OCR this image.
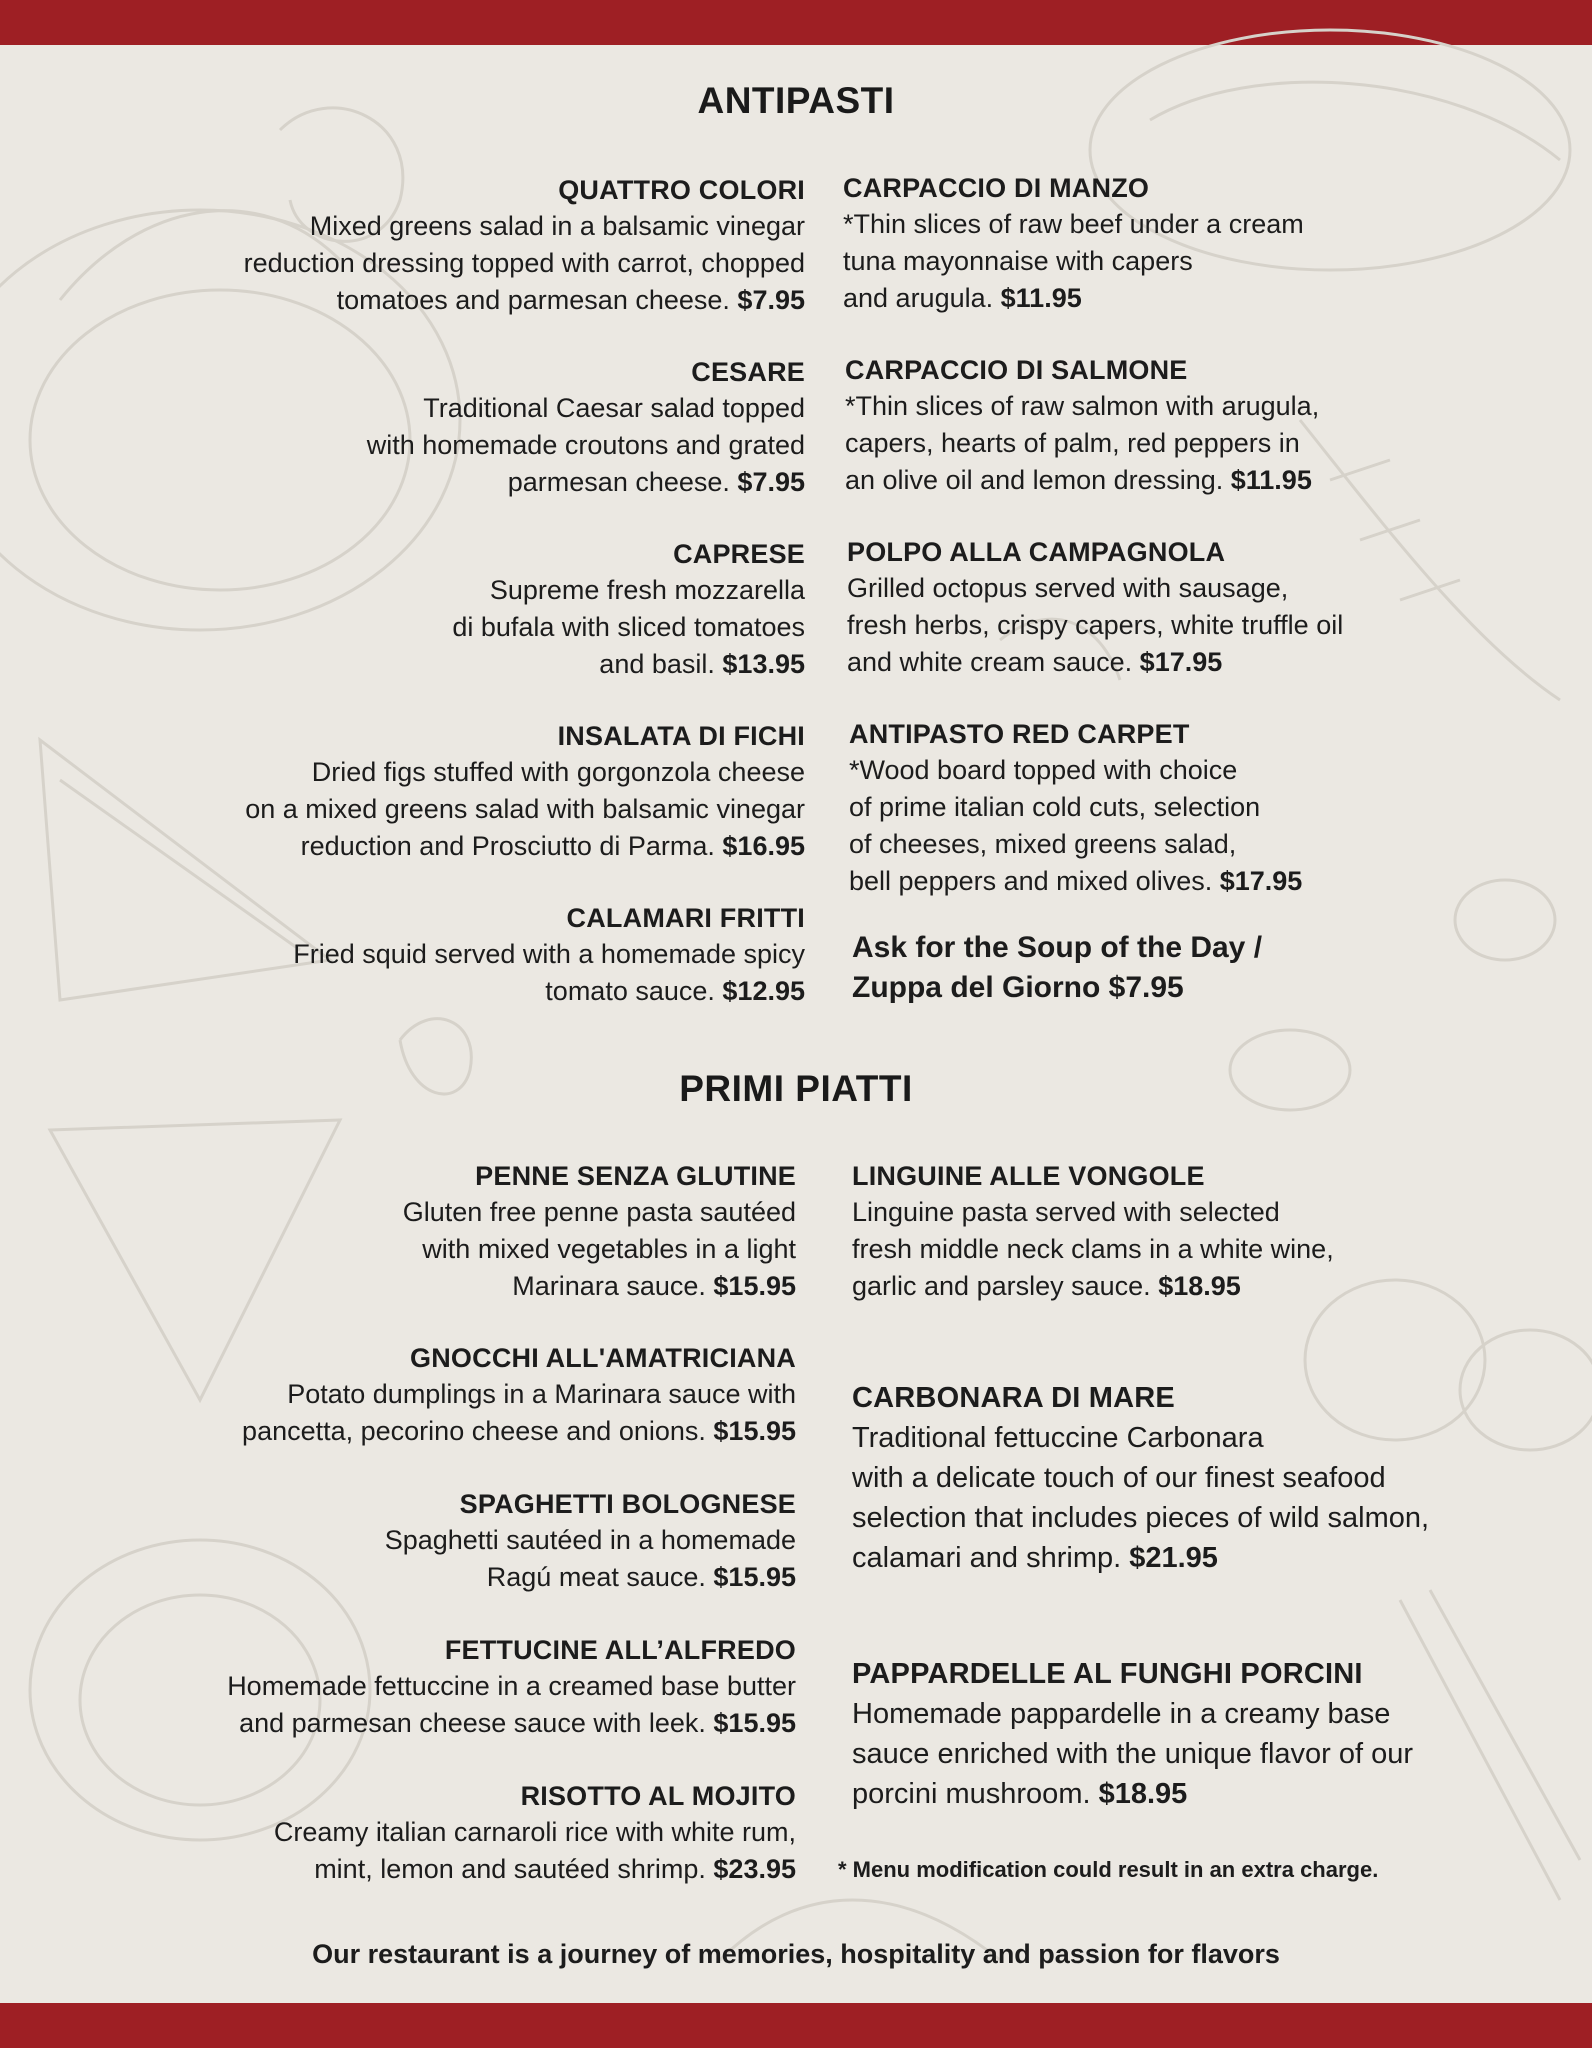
ANTIPASTI
QUATTRO COLORI
Mixed greens salad in a balsamic vinegar
reduction dressing topped with carrot, chopped
tomatoes and parmesan cheese. $7.95
CESARE
Traditional Caesar salad topped
with homemade croutons and grated
parmesan cheese. $7.95
CAPRESE
Supreme fresh mozzarella
di bufala with sliced tomatoes
and basil. $13.95
INSALATA DI FICHI
Dried figs stuffed with gorgonzola cheese
on a mixed greens salad with balsamic vinegar
reduction and Prosciutto di Parma. $16.95
CALAMARI FRITTI
Fried squid served with a homemade spicy
tomato sauce. $12.95
CARPACCIO DI MANZO
*Thin slices of raw beef under a cream
tuna mayonnaise with capers
and arugula. $11.95
CARPACCIO DI SALMONE
*Thin slices of raw salmon with arugula,
capers, hearts of palm, red peppers in
an olive oil and lemon dressing. $11.95
POLPO ALLA CAMPAGNOLA
Grilled octopus served with sausage,
fresh herbs, crispy capers, white truffle oil
and white cream sauce. $17.95
ANTIPASTO RED CARPET
*Wood board topped with choice
of prime italian cold cuts, selection
of cheeses, mixed greens salad,
bell peppers and mixed olives. $17.95
Ask for the Soup of the Day /
Zuppa del Giorno $7.95
PRIMI PIATTI
PENNE SENZA GLUTINE
Gluten free penne pasta sautéed
with mixed vegetables in a light
Marinara sauce. $15.95
GNOCCHI ALL'AMATRICIANA
Potato dumplings in a Marinara sauce with
pancetta, pecorino cheese and onions. $15.95
SPAGHETTI BOLOGNESE
Spaghetti sautéed in a homemade
Ragú meat sauce. $15.95
FETTUCINE ALL’ALFREDO
Homemade fettuccine in a creamed base butter
and parmesan cheese sauce with leek. $15.95
RISOTTO AL MOJITO
Creamy italian carnaroli rice with white rum,
mint, lemon and sautéed shrimp. $23.95
LINGUINE ALLE VONGOLE
Linguine pasta served with selected
fresh middle neck clams in a white wine,
garlic and parsley sauce. $18.95
CARBONARA DI MARE
Traditional fettuccine Carbonara
with a delicate touch of our finest seafood
selection that includes pieces of wild salmon,
calamari and shrimp. $21.95
PAPPARDELLE AL FUNGHI PORCINI
Homemade pappardelle in a creamy base
sauce enriched with the unique flavor of our
porcini mushroom. $18.95
* Menu modification could result in an extra charge.
Our restaurant is a journey of memories, hospitality and passion for flavors
